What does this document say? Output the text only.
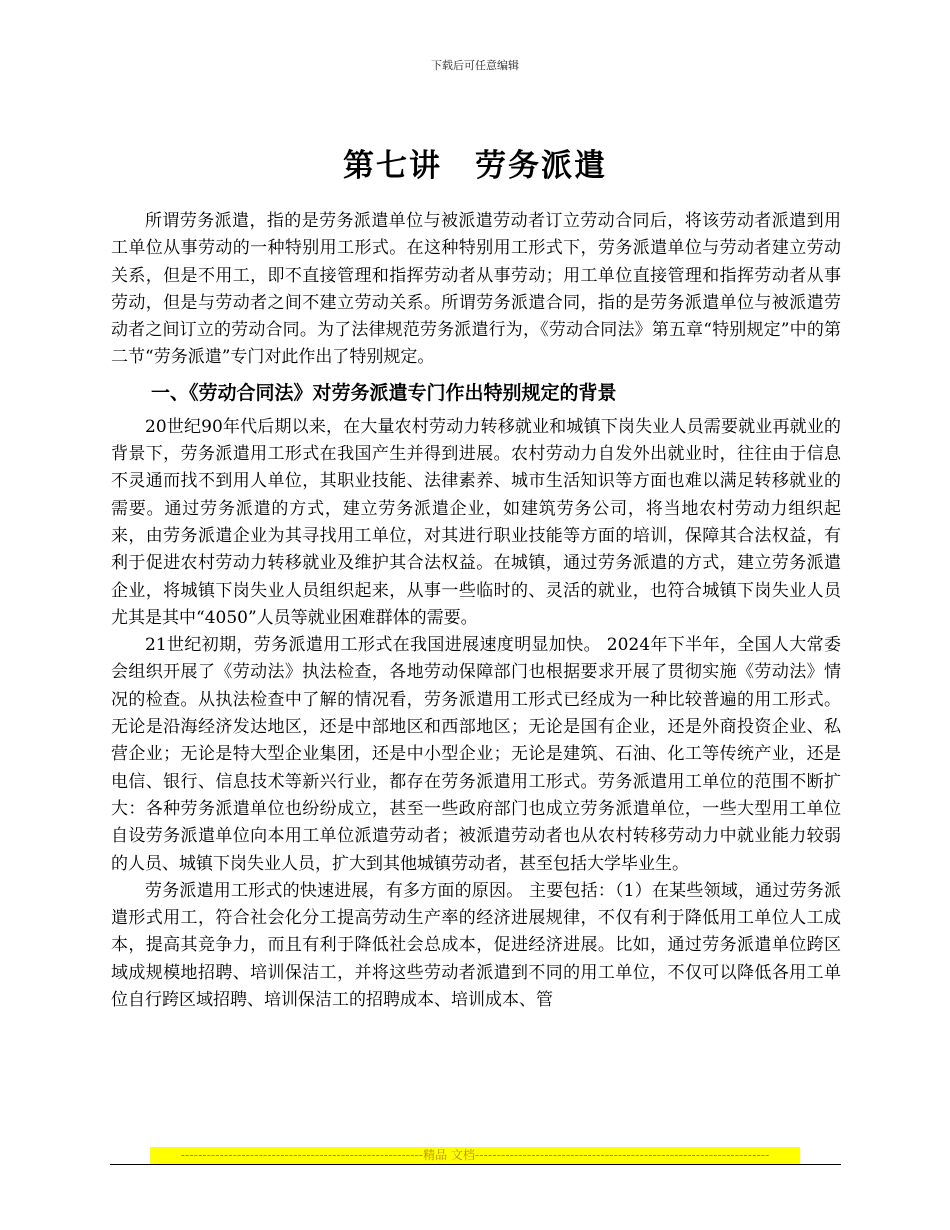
下载后可任意编辑
第七讲　劳务派遣

所谓劳务派遣，指的是劳务派遣单位与被派遣劳动者订立劳动合同后，将该劳动者派遣到用工单位从事劳动的一种特别用工形式。在这种特别用工形式下，劳务派遣单位与劳动者建立劳动关系，但是不用工，即不直接管理和指挥劳动者从事劳动；用工单位直接管理和指挥劳动者从事劳动，但是与劳动者之间不建立劳动关系。所谓劳务派遣合同，指的是劳务派遣单位与被派遣劳动者之间订立的劳动合同。为了法律规范劳务派遣行为，《劳动合同法》第五章“特别规定”中的第二节“劳务派遣”专门对此作出了特别规定。

一、《劳动合同法》对劳务派遣专门作出特别规定的背景

20世纪90年代后期以来，在大量农村劳动力转移就业和城镇下岗失业人员需要就业再就业的背景下，劳务派遣用工形式在我国产生并得到进展。农村劳动力自发外出就业时，往往由于信息不灵通而找不到用人单位，其职业技能、法律素养、城市生活知识等方面也难以满足转移就业的需要。通过劳务派遣的方式，建立劳务派遣企业，如建筑劳务公司，将当地农村劳动力组织起来，由劳务派遣企业为其寻找用工单位，对其进行职业技能等方面的培训，保障其合法权益，有利于促进农村劳动力转移就业及维护其合法权益。在城镇，通过劳务派遣的方式，建立劳务派遣企业，将城镇下岗失业人员组织起来，从事一些临时的、灵活的就业，也符合城镇下岗失业人员尤其是其中“4050”人员等就业困难群体的需要。

21世纪初期，劳务派遣用工形式在我国进展速度明显加快。 2024年下半年，全国人大常委会组织开展了《劳动法》执法检查，各地劳动保障部门也根据要求开展了贯彻实施《劳动法》情况的检查。从执法检查中了解的情况看，劳务派遣用工形式已经成为一种比较普遍的用工形式。无论是沿海经济发达地区，还是中部地区和西部地区；无论是国有企业，还是外商投资企业、私营企业；无论是特大型企业集团，还是中小型企业；无论是建筑、石油、化工等传统产业，还是电信、银行、信息技术等新兴行业，都存在劳务派遣用工形式。劳务派遣用工单位的范围不断扩大：各种劳务派遣单位也纷纷成立，甚至一些政府部门也成立劳务派遣单位，一些大型用工单位自设劳务派遣单位向本用工单位派遣劳动者；被派遣劳动者也从农村转移劳动力中就业能力较弱的人员、城镇下岗失业人员，扩大到其他城镇劳动者，甚至包括大学毕业生。

劳务派遣用工形式的快速进展，有多方面的原因。 主要包括：（1）在某些领域，通过劳务派遣形式用工，符合社会化分工提高劳动生产率的经济进展规律，不仅有利于降低用工单位人工成本，提高其竞争力，而且有利于降低社会总成本，促进经济进展。比如，通过劳务派遣单位跨区域成规模地招聘、培训保洁工，并将这些劳动者派遣到不同的用工单位，不仅可以降低各用工单位自行跨区域招聘、培训保洁工的招聘成本、培训成本、管

--------------------------------------------------------精品 文档--------------------------------------------------------------------
